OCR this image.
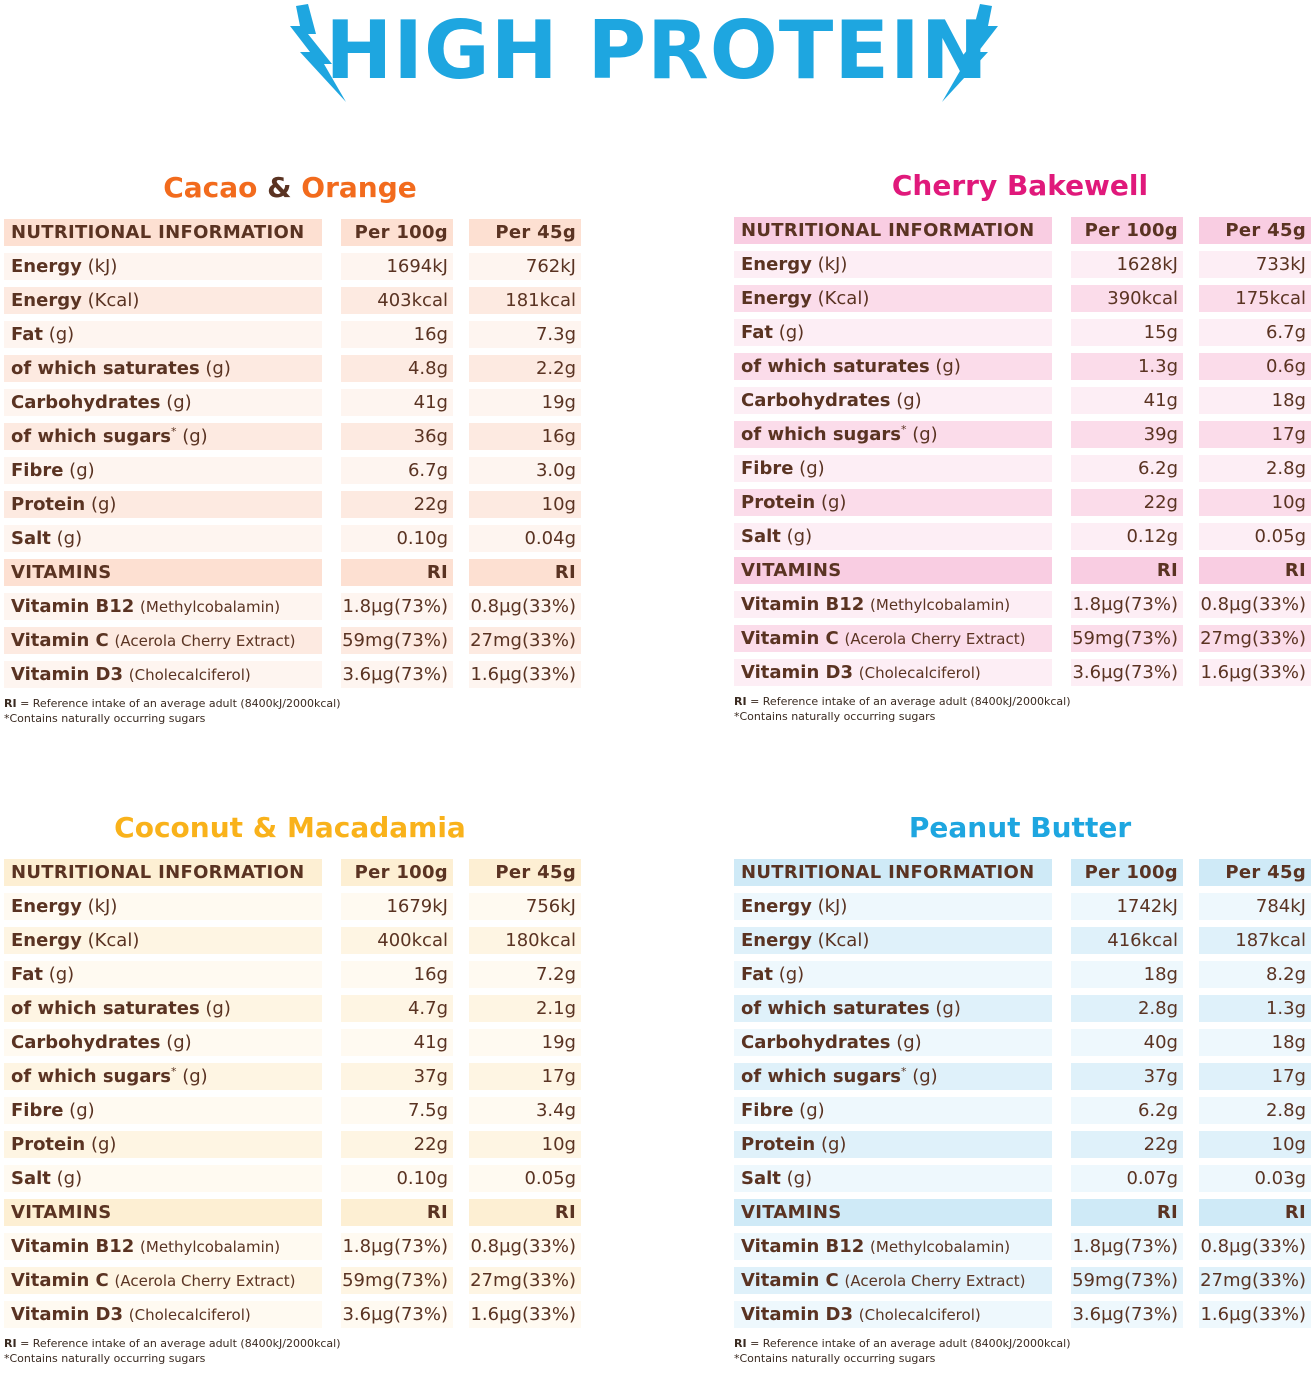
HIGH PROTEIN
Cacao & Orange
NUTRITIONAL INFORMATION	Per 100g	Per 45g
Energy (kJ)	1694kJ	762kJ
Energy (Kcal)	403kcal	181kcal
Fat (g)	16g	7.3g
of which saturates (g)	4.8g	2.2g
Carbohydrates (g)	41g	19g
of which sugars* (g)	36g	16g
Fibre (g)	6.7g	3.0g
Protein (g)	22g	10g
Salt (g)	0.10g	0.04g
VITAMINS	RI	RI
Vitamin B12 (Methylcobalamin)	1.8µg(73%) 0.8µg(33%)
Vitamin C (Acerola Cherry Extract)	59mg(73%) 27mg(33%)
Vitamin D3 (Cholecalciferol)	3.6µg(73%) 1.6µg(33%)
RI = Reference intake of an average adult (8400kJ/2000kcal)
*Contains naturally occurring sugars
Cherry Bakewell
NUTRITIONAL INFORMATION	Per 100g	Per 45g
Energy (kJ)	1628kJ	733kJ
Energy (Kcal)	390kcal	175kcal
Fat (g)	15g	6.7g
of which saturates (g)	1.3g	0.6g
Carbohydrates (g)	41g	18g
of which sugars* (g)	39g	17g
Fibre (g)	6.2g	2.8g
Protein (g)	22g	10g
Salt (g)	0.12g	0.05g
VITAMINS	RI	RI
Vitamin B12 (Methylcobalamin)	1.8µg(73%) 0.8µg(33%)
Vitamin C (Acerola Cherry Extract)	59mg(73%) 27mg(33%)
Vitamin D3 (Cholecalciferol)	3.6µg(73%) 1.6µg(33%)
RI = Reference intake of an average adult (8400kJ/2000kcal)
*Contains naturally occurring sugars
Coconut & Macadamia
NUTRITIONAL INFORMATION	Per 100g	Per 45g
Energy (kJ)	1679kJ	756kJ
Energy (Kcal)	400kcal	180kcal
Fat (g)	16g	7.2g
of which saturates (g)	4.7g	2.1g
Carbohydrates (g)	41g	19g
of which sugars* (g)	37g	17g
Fibre (g)	7.5g	3.4g
Protein (g)	22g	10g
Salt (g)	0.10g	0.05g
VITAMINS	RI	RI
Vitamin B12 (Methylcobalamin)	1.8µg(73%) 0.8µg(33%)
Vitamin C (Acerola Cherry Extract)	59mg(73%) 27mg(33%)
Vitamin D3 (Cholecalciferol)	3.6µg(73%) 1.6µg(33%)
RI = Reference intake of an average adult (8400kJ/2000kcal)
*Contains naturally occurring sugars
Peanut Butter
NUTRITIONAL INFORMATION	Per 100g	Per 45g
Energy (kJ)	1742kJ	784kJ
Energy (Kcal)	416kcal	187kcal
Fat (g)	18g	8.2g
of which saturates (g)	2.8g	1.3g
Carbohydrates (g)	40g	18g
of which sugars* (g)	37g	17g
Fibre (g)	6.2g	2.8g
Protein (g)	22g	10g
Salt (g)	0.07g	0.03g
VITAMINS	RI	RI
Vitamin B12 (Methylcobalamin)	1.8µg(73%) 0.8µg(33%)
Vitamin C (Acerola Cherry Extract)	59mg(73%) 27mg(33%)
Vitamin D3 (Cholecalciferol)	3.6µg(73%) 1.6µg(33%)
RI = Reference intake of an average adult (8400kJ/2000kcal)
*Contains naturally occurring sugars
